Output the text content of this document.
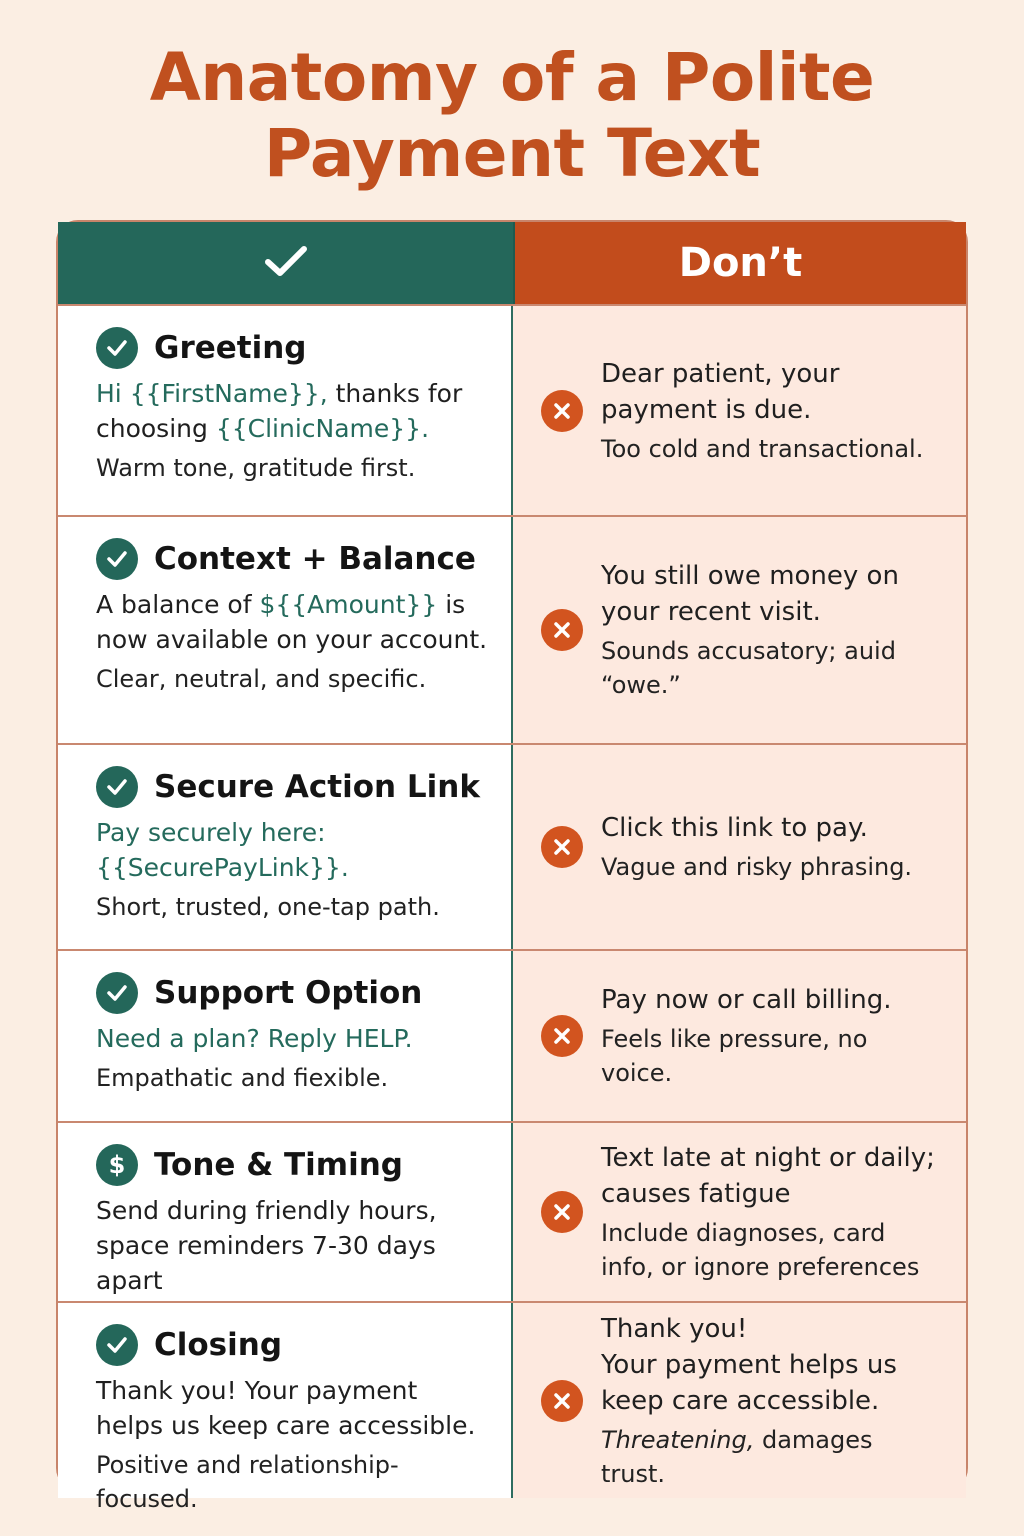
Anatomy of a Polite
Payment Text
Don’t
Greeting
Hi {{FirstName}}, thanks for choosing {{ClinicName}}.
Warm tone, gratitude first.
Dear patient, your payment is due.
Too cold and transactional.
Context + Balance
A balance of ${{Amount}} is now available on your account.
Clear, neutral, and specific.
You still owe money on your recent visit.
Sounds accusatory; auid “owe.”
Secure Action Link
Pay securely here: {{SecurePayLink}}.
Short, trusted, one-tap path.
Click this link to pay.
Vague and risky phrasing.
Support Option
Need a plan? Reply HELP.
Empathatic and fiexible.
Pay now or call billing.
Feels like pressure, no voice.
$ Tone & Timing
Send during friendly hours, space reminders 7-30 days apart
Text late at night or daily; causes fatigue
Include diagnoses, card info, or ignore preferences
Closing
Thank you! Your payment helps us keep care accessible.
Positive and relationship-focused.
Thank you!
Your payment helps us keep care accessible.
Threatening, damages trust.
